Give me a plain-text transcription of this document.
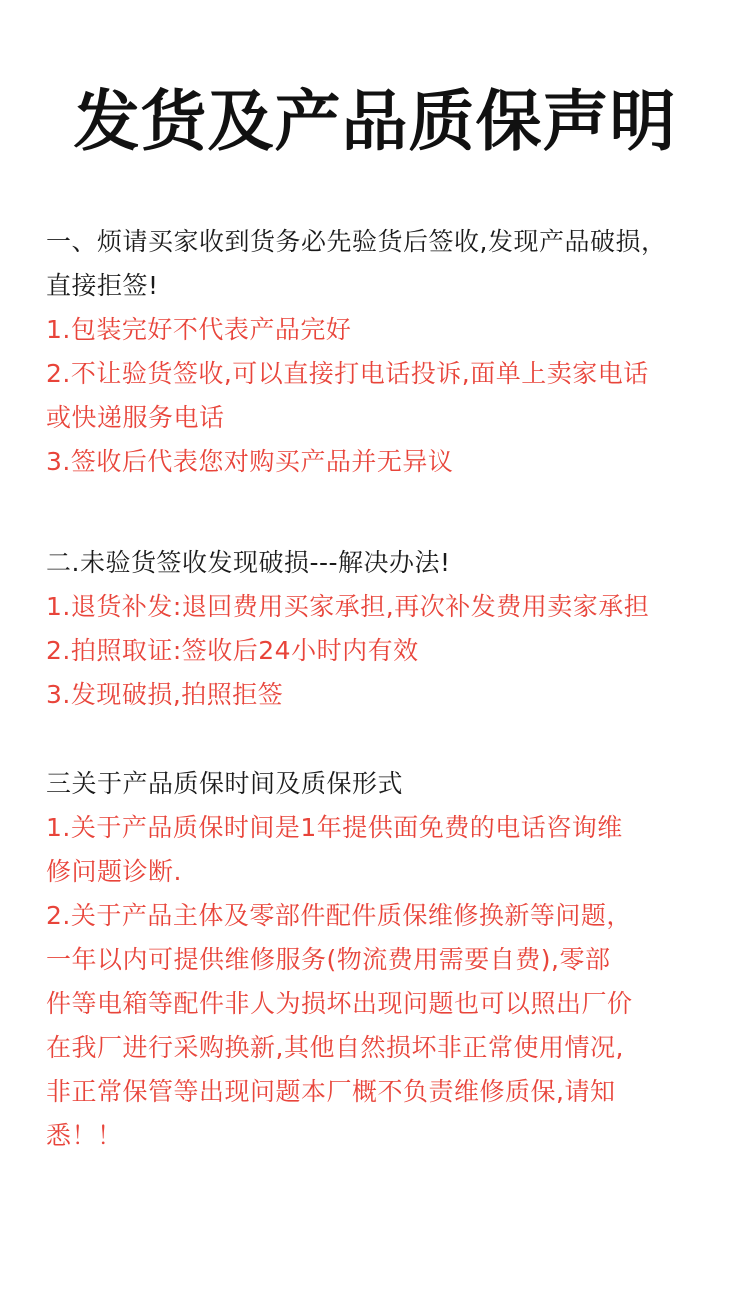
发货及产品质保声明
一、烦请买家收到货务必先验货后签收,发现产品破损，
直接拒签!
1.包装完好不代表产品完好
2.不让验货签收,可以直接打电话投诉,面单上卖家电话
或快递服务电话
3.签收后代表您对购买产品并无异议
二.未验货签收发现破损---解决办法!
1.退货补发:退回费用买家承担,再次补发费用卖家承担
2.拍照取证:签收后24小时内有效
3.发现破损,拍照拒签
三关于产品质保时间及质保形式
1.关于产品质保时间是1年提供面免费的电话咨询维
修问题诊断.
2.关于产品主体及零部件配件质保维修换新等问题，
一年以内可提供维修服务(物流费用需要自费),零部
件等电箱等配件非人为损坏出现问题也可以照出厂价
在我厂进行采购换新,其他自然损坏非正常使用情况,
非正常保管等出现问题本厂概不负责维修质保,请知
悉！！
